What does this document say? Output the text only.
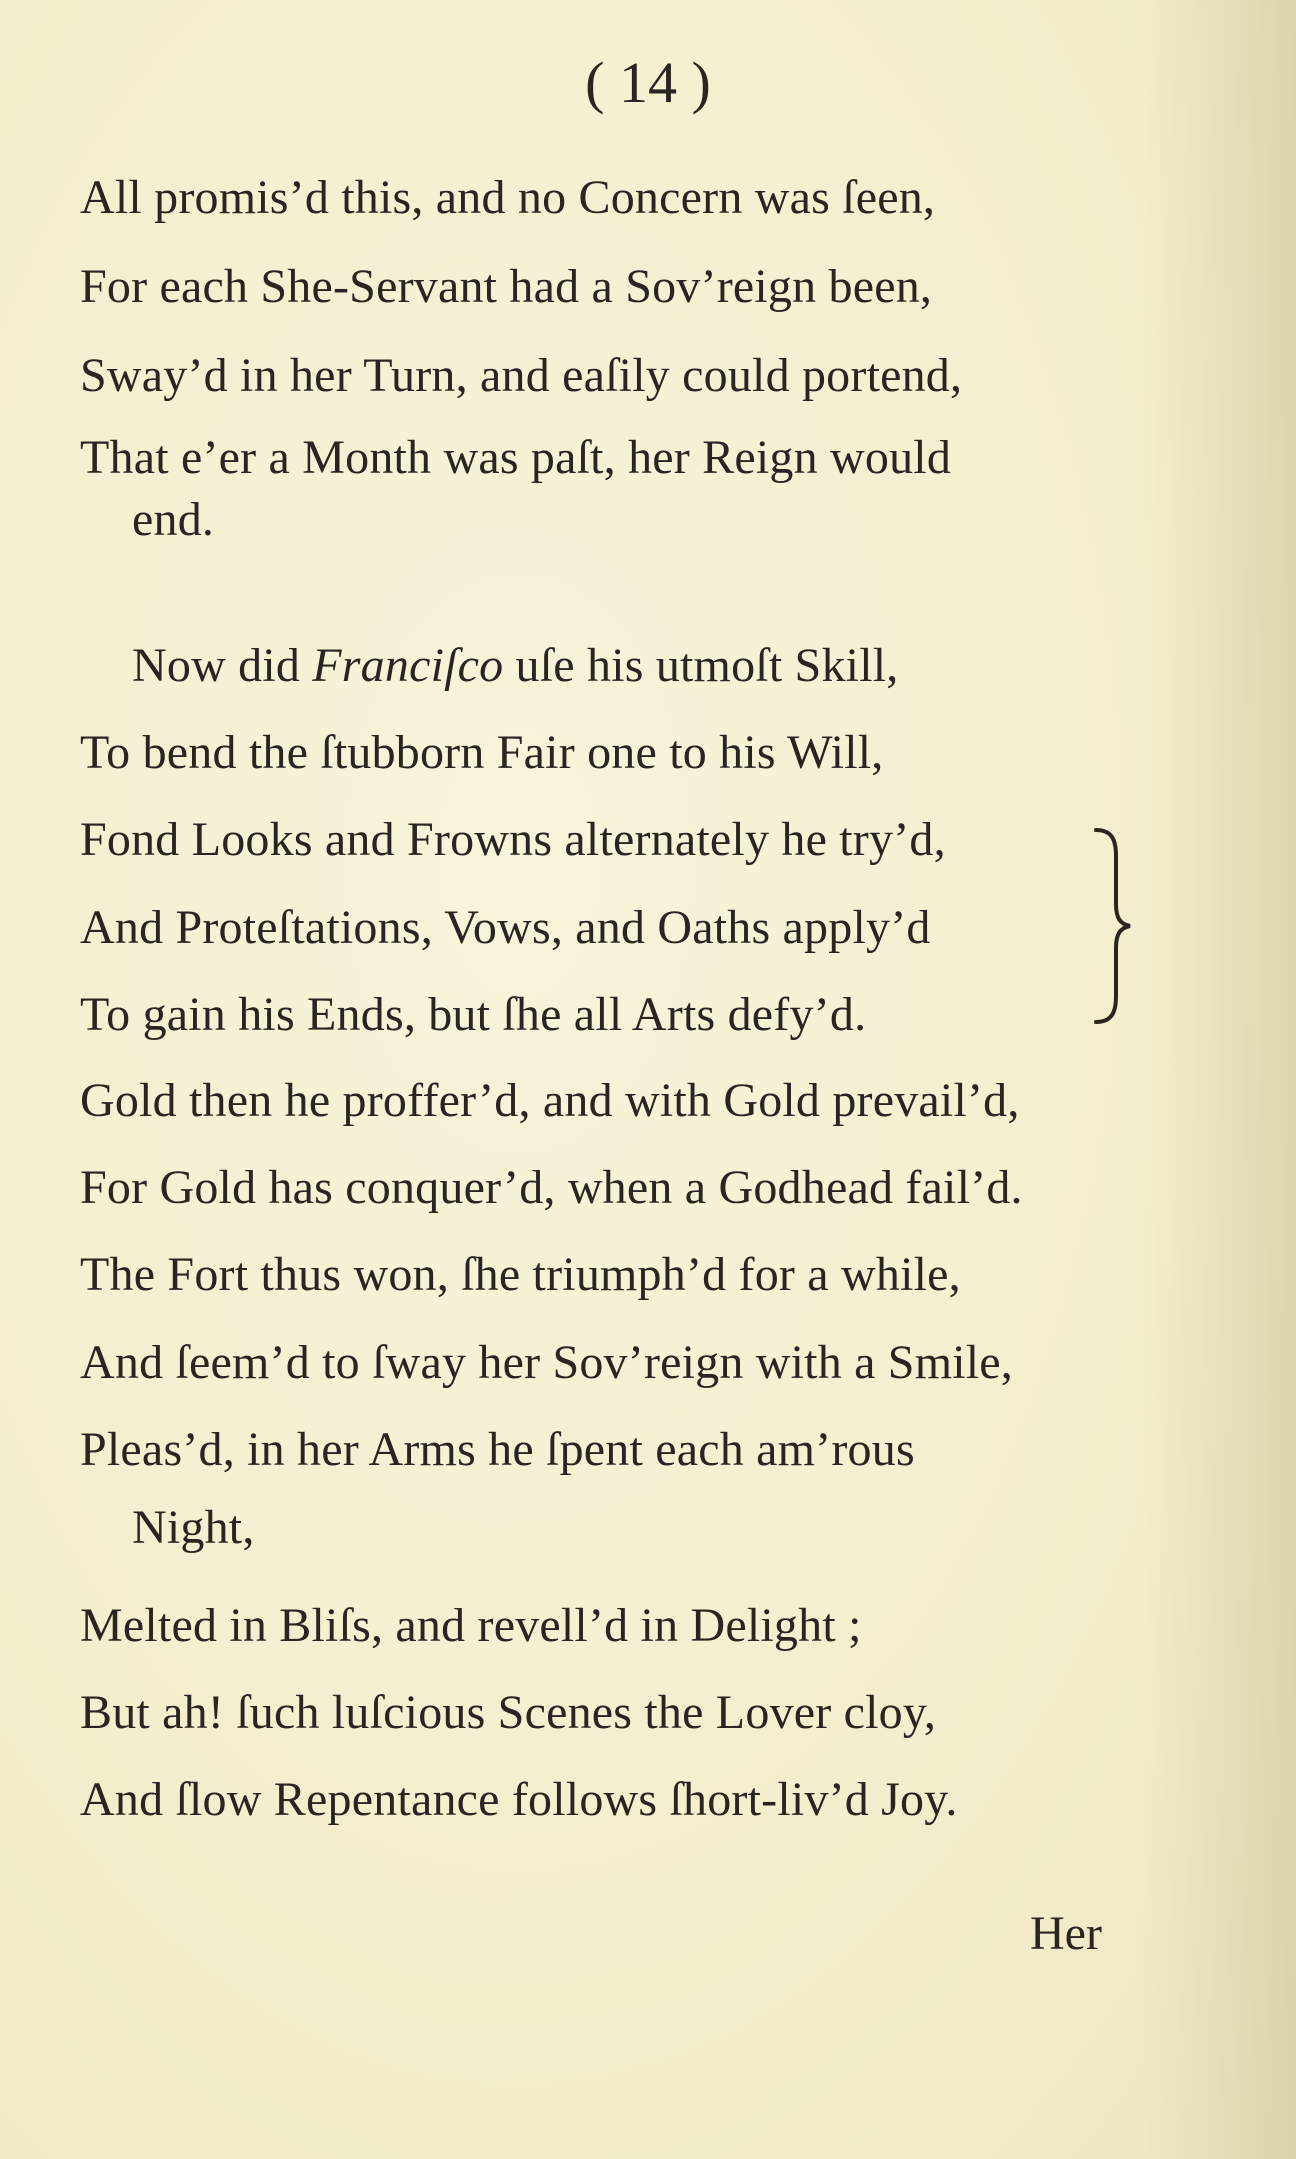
( 14 )

All promis’d this, and no Concern was ſeen,

For each She-Servant had a Sov’reign been,

Sway’d in her Turn, and eaſily could portend,

That e’er a Month was paſt, her Reign would

end.

Now did Franciſco uſe his utmoſt Skill,

To bend the ſtubborn Fair one to his Will,

Fond Looks and Frowns alternately he try’d,

And Proteſtations, Vows, and Oaths apply’d

To gain his Ends, but ſhe all Arts defy’d.

Gold then he proffer’d, and with Gold prevail’d,

For Gold has conquer’d, when a Godhead fail’d.

The Fort thus won, ſhe triumph’d for a while,

And ſeem’d to ſway her Sov’reign with a Smile,

Pleas’d, in her Arms he ſpent each am’rous

Night,

Melted in Bliſs, and revell’d in Delight ;

But ah! ſuch luſcious Scenes the Lover cloy,

And ſlow Repentance follows ſhort-liv’d Joy.

Her
